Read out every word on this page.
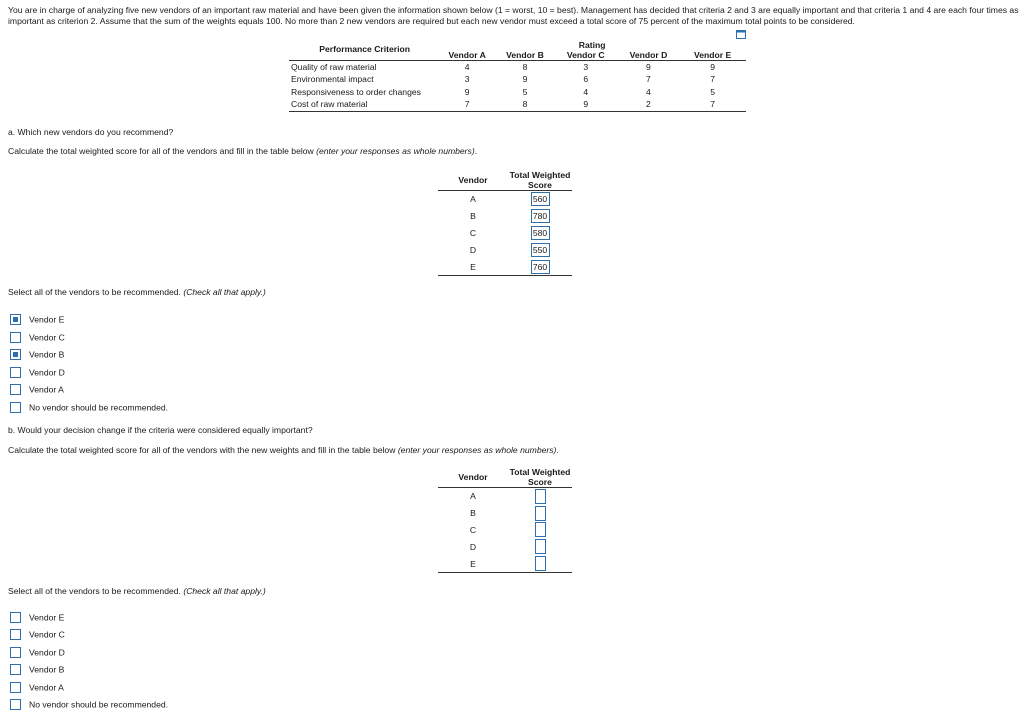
You are in charge of analyzing five new vendors of an important raw material and have been given the information shown below (1 = worst, 10 = best). Management has decided that criteria 2 and 3 are equally important and that criteria 1 and 4 are each four times as important as criterion 2. Assume that the sum of the weights equals 100. No more than 2 new vendors are required but each new vendor must exceed a total score of 75 percent of the maximum total points to be considered.
Performance Criterion	Rating				
	Vendor A	Vendor B	Vendor C	Vendor D	Vendor E
Quality of raw material	4	8	3	9	9
Environmental impact	3	9	6	7	7
Responsiveness to order changes	9	5	4	4	5
Cost of raw material	7	8	9	2	7
a. Which new vendors do you recommend?
Calculate the total weighted score for all of the vendors and fill in the table below (enter your responses as whole numbers).
Vendor	Total Weighted
Score
A	560
B	780
C	580
D	550
E	760
Select all of the vendors to be recommended. (Check all that apply.)
Vendor E
Vendor C
Vendor B
Vendor D
Vendor A
No vendor should be recommended.
b. Would your decision change if the criteria were considered equally important?
Calculate the total weighted score for all of the vendors with the new weights and fill in the table below (enter your responses as whole numbers).
Vendor	Total Weighted
Score
A	
B	
C	
D	
E	
Select all of the vendors to be recommended. (Check all that apply.)
Vendor E
Vendor C
Vendor D
Vendor B
Vendor A
No vendor should be recommended.
